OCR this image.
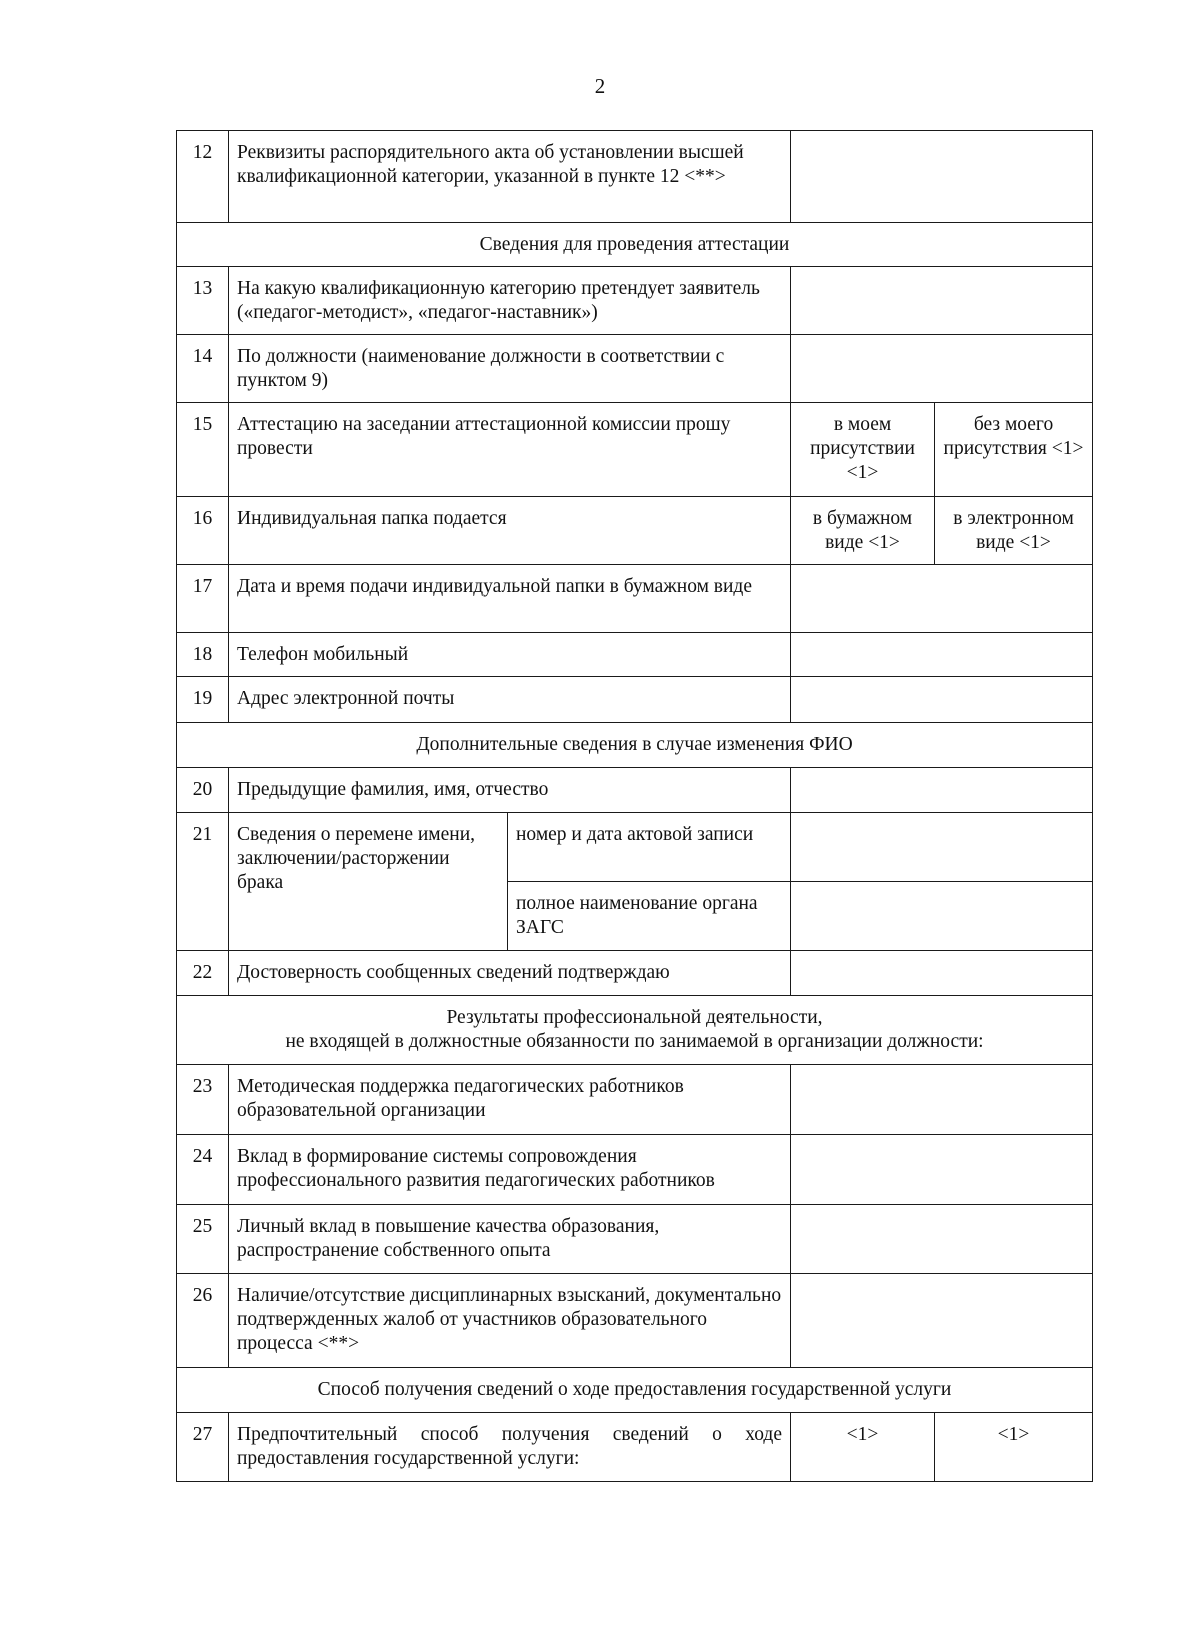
2
12	Реквизиты распорядительного акта об установлении высшей квалификационной категории, указанной в пункте 12 <**>			
Сведения для проведения аттестации				
13	На какую квалификационную категорию претендует заявитель («педагог-методист», «педагог-наставник»)			
14	По должности (наименование должности в соответствии с пунктом 9)			
15	Аттестацию на заседании аттестационной комиссии прошу провести		в моем присутствии <1>	без моего присутствия <1>
16	Индивидуальная папка подается		в бумажном виде <1>	в электронном виде <1>
17	Дата и время подачи индивидуальной папки в бумажном виде			
18	Телефон мобильный			
19	Адрес электронной почты			
Дополнительные сведения в случае изменения ФИО				
20	Предыдущие фамилия, имя, отчество			
21	Сведения о перемене имени, заключении/расторжении брака	номер и дата актовой записи		
		полное наименование органа ЗАГС		
22	Достоверность сообщенных сведений подтверждаю			

Результаты профессиональной деятельности,
не входящей в должностные обязанности по занимаемой в организации должности:				

23	Методическая поддержка педагогических работников образовательной организации			
24	Вклад в формирование системы сопровождения профессионального развития педагогических работников			
25	Личный вклад в повышение качества образования, распространение собственного опыта			
26	Наличие/отсутствие дисциплинарных взысканий, документально подтвержденных жалоб от участников образовательного процесса <**>			
Способ получения сведений о ходе предоставления государственной услуги				
27	Предпочтительный способ получения сведений о ходе предоставления государственной услуги:		<1>	<1>
